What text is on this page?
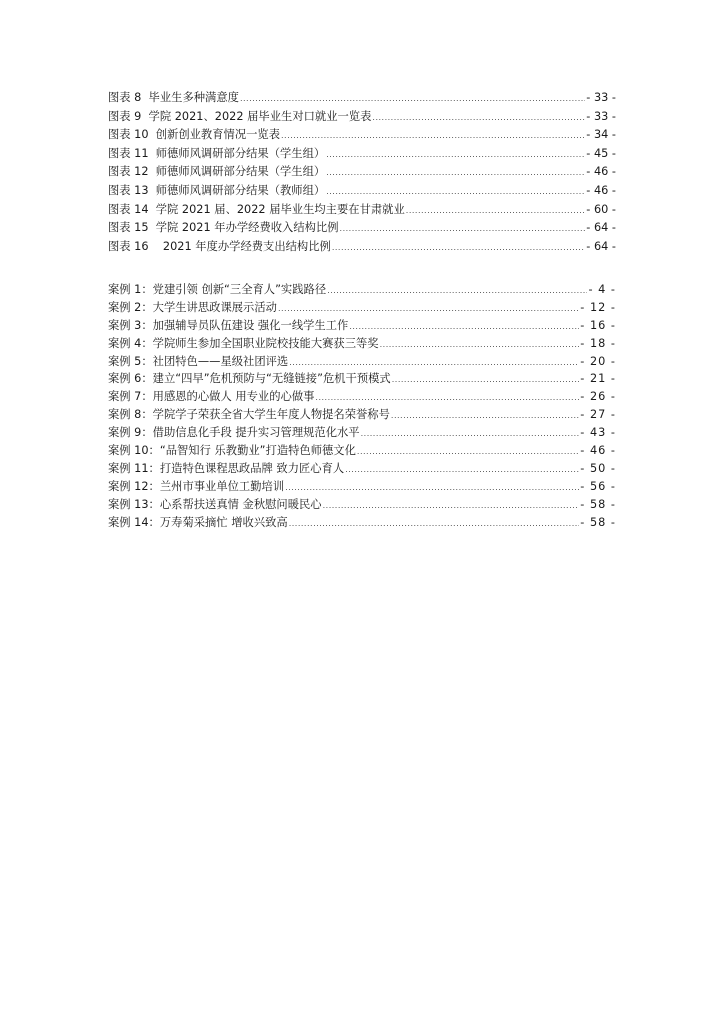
图表 8  毕业生多种满意度 .....	- 33 -
图表 9  学院 2021、2022 届毕业生对口就业一览表 .....	- 33 -
图表 10  创新创业教育情况一览表 .....	- 34 -
图表 11  师德师风调研部分结果（学生组） .....	- 45 -
图表 12  师德师风调研部分结果（学生组） .....	- 46 -
图表 13  师德师风调研部分结果（教师组） .....	- 46 -
图表 14  学院 2021 届、2022 届毕业生均主要在甘肃就业 .....	- 60 -
图表 15  学院 2021 年办学经费收入结构比例 .....	- 64 -
图表 16    2021 年度办学经费支出结构比例 .....	- 64 -
案例 1：党建引领 创新“三全育人”实践路径 .....	- 4 -
案例 2：大学生讲思政课展示活动 .....	- 12 -
案例 3：加强辅导员队伍建设 强化一线学生工作 .....	- 16 -
案例 4：学院师生参加全国职业院校技能大赛获三等奖 .....	- 18 -
案例 5：社团特色——星级社团评选 .....	- 20 -
案例 6：建立“四早”危机预防与“无缝链接”危机干预模式 .....	- 21 -
案例 7：用感恩的心做人 用专业的心做事 .....	- 26 -
案例 8：学院学子荣获全省大学生年度人物提名荣誉称号 .....	- 27 -
案例 9：借助信息化手段 提升实习管理规范化水平 .....	- 43 -
案例 10：“品智知行 乐教勤业”打造特色师德文化 .....	- 46 -
案例 11：打造特色课程思政品牌 致力匠心育人 .....	- 50 -
案例 12：兰州市事业单位工勤培训 .....	- 56 -
案例 13：心系帮扶送真情 金秋慰问暖民心 .....	- 58 -
案例 14：万寿菊采摘忙 增收兴致高 .....	- 58 -
